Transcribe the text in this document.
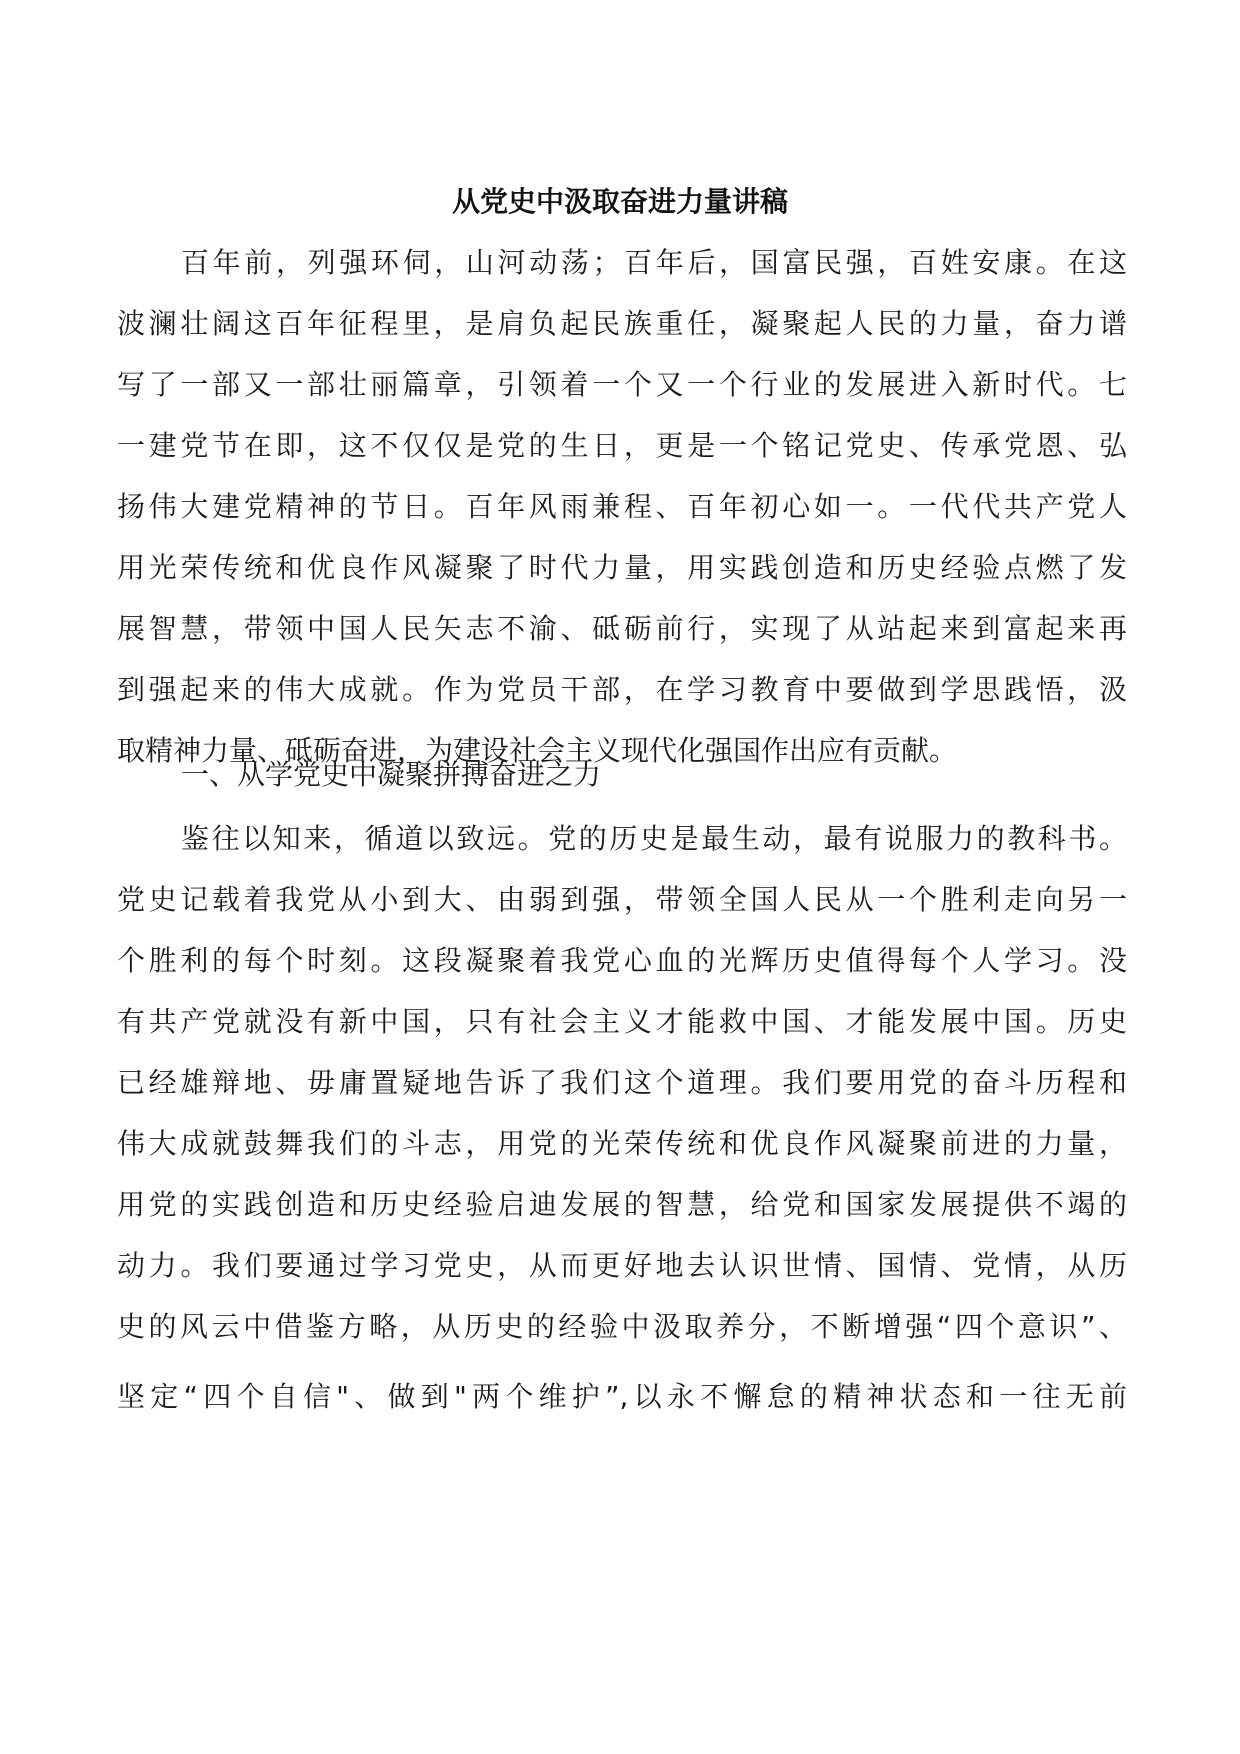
从党史中汲取奋进力量讲稿
百年前，列强环伺，山河动荡；百年后，国富民强，百姓安康。在这
波澜壮阔这百年征程里，是肩负起民族重任，凝聚起人民的力量，奋力谱
写了一部又一部壮丽篇章，引领着一个又一个行业的发展进入新时代。七
一建党节在即，这不仅仅是党的生日，更是一个铭记党史、传承党恩、弘
扬伟大建党精神的节日。百年风雨兼程、百年初心如一。一代代共产党人
用光荣传统和优良作风凝聚了时代力量，用实践创造和历史经验点燃了发
展智慧，带领中国人民矢志不渝、砥砺前行，实现了从站起来到富起来再
到强起来的伟大成就。作为党员干部，在学习教育中要做到学思践悟，汲
取精神力量、砥砺奋进，为建设社会主义现代化强国作出应有贡献。
一、从学党史中凝聚拼搏奋进之力
鉴往以知来，循道以致远。党的历史是最生动，最有说服力的教科书。
党史记载着我党从小到大、由弱到强，带领全国人民从一个胜利走向另一
个胜利的每个时刻。这段凝聚着我党心血的光辉历史值得每个人学习。没
有共产党就没有新中国，只有社会主义才能救中国、才能发展中国。历史
已经雄辩地、毋庸置疑地告诉了我们这个道理。我们要用党的奋斗历程和
伟大成就鼓舞我们的斗志，用党的光荣传统和优良作风凝聚前进的力量，
用党的实践创造和历史经验启迪发展的智慧，给党和国家发展提供不竭的
动力。我们要通过学习党史，从而更好地去认识世情、国情、党情，从历
史的风云中借鉴方略，从历史的经验中汲取养分，不断增强“四个意识”、
坚定“四个自信"、做到"两个维护”,以永不懈怠的精神状态和一往无前
